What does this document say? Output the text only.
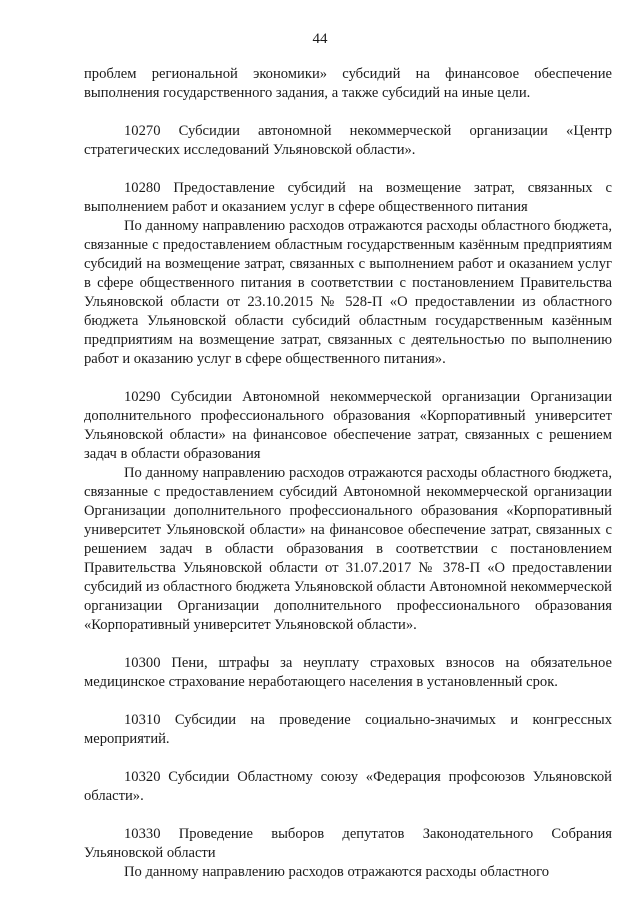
44

проблем региональной экономики» субсидий на финансовое обеспечение выполнения государственного задания, а также субсидий на иные цели.

10270 Субсидии автономной некоммерческой организации «Центр стратегических исследований Ульяновской области».

10280 Предоставление субсидий на возмещение затрат, связанных с выполнением работ и оказанием услуг в сфере общественного питания

По данному направлению расходов отражаются расходы областного бюджета, связанные с предоставлением областным государственным казённым предприятиям субсидий на возмещение затрат, связанных с выполнением работ и оказанием услуг в сфере общественного питания в соответствии с постановлением Правительства Ульяновской области от 23.10.2015 № 528-П «О предоставлении из областного бюджета Ульяновской области субсидий областным государственным казённым предприятиям на возмещение затрат, связанных с деятельностью по выполнению работ и оказанию услуг в сфере общественного питания».

10290 Субсидии Автономной некоммерческой организации Организации дополнительного профессионального образования «Корпоративный университет Ульяновской области» на финансовое обеспечение затрат, связанных с решением задач в области образования

По данному направлению расходов отражаются расходы областного бюджета, связанные с предоставлением субсидий Автономной некоммерческой организации Организации дополнительного профессионального образования «Корпоративный университет Ульяновской области» на финансовое обеспечение затрат, связанных с решением задач в области образования в соответствии с постановлением Правительства Ульяновской области от 31.07.2017 № 378-П «О предоставлении субсидий из областного бюджета Ульяновской области Автономной некоммерческой организации Организации дополнительного профессионального образования «Корпоративный университет Ульяновской области».

10300 Пени, штрафы за неуплату страховых взносов на обязательное медицинское страхование неработающего населения в установленный срок.

10310 Субсидии на проведение социально-значимых и конгрессных мероприятий.

10320 Субсидии Областному союзу «Федерация профсоюзов Ульяновской области».

10330 Проведение выборов депутатов Законодательного Собрания Ульяновской области

По данному направлению расходов отражаются расходы областного
